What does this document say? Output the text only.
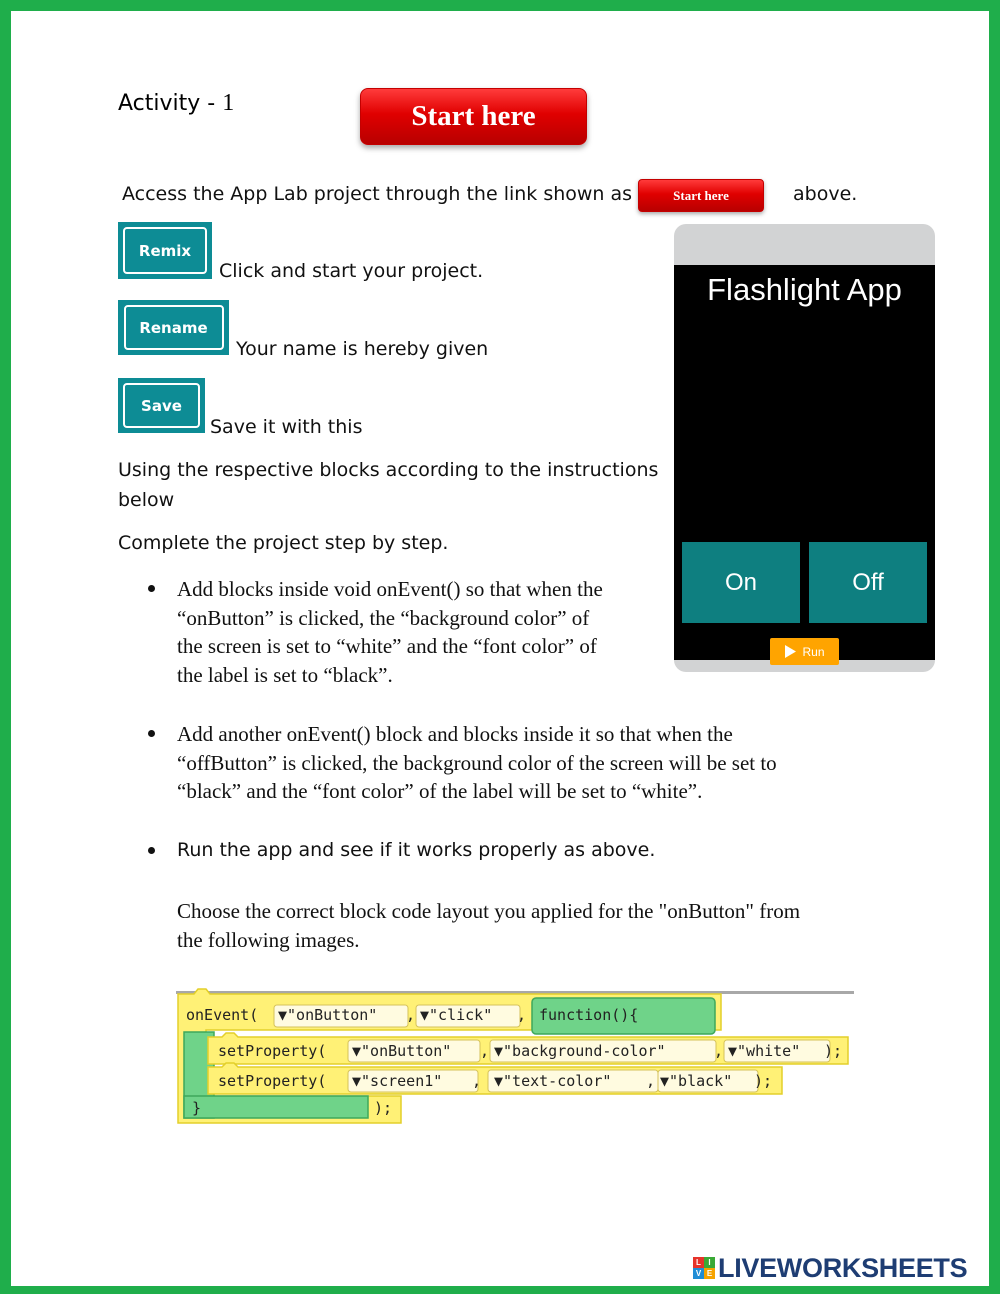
Activity - 1	Start here
Access the App Lab project through the link shown as	Start here	above.
Remix
Click and start your project.
Rename
Your name is hereby given
Save
Save it with this
Using the respective blocks according to the instructions
below
Complete the project step by step.
Add blocks inside void onEvent() so that when the
“onButton” is clicked, the “background color” of
the screen is set to “white” and the “font color” of
the label is set to “black”.
Add another onEvent() block and blocks inside it so that when the
“offButton” is clicked, the background color of the screen will be set to
“black” and the “font color” of the label will be set to “white”.
Run the app and see if it works properly as above.
Choose the correct block code layout you applied for the "onButton" from
the following images.
Flashlight App
On	Off
Run
onEvent( ▼"onButton" , ▼"click" , function(){
setProperty( ▼"onButton" , ▼"background-color"	, ▼"white" );
setProperty( ▼"screen1" , ▼"text-color" , ▼"black" );
}	);
L I
V E LIVEWORKSHEETS
